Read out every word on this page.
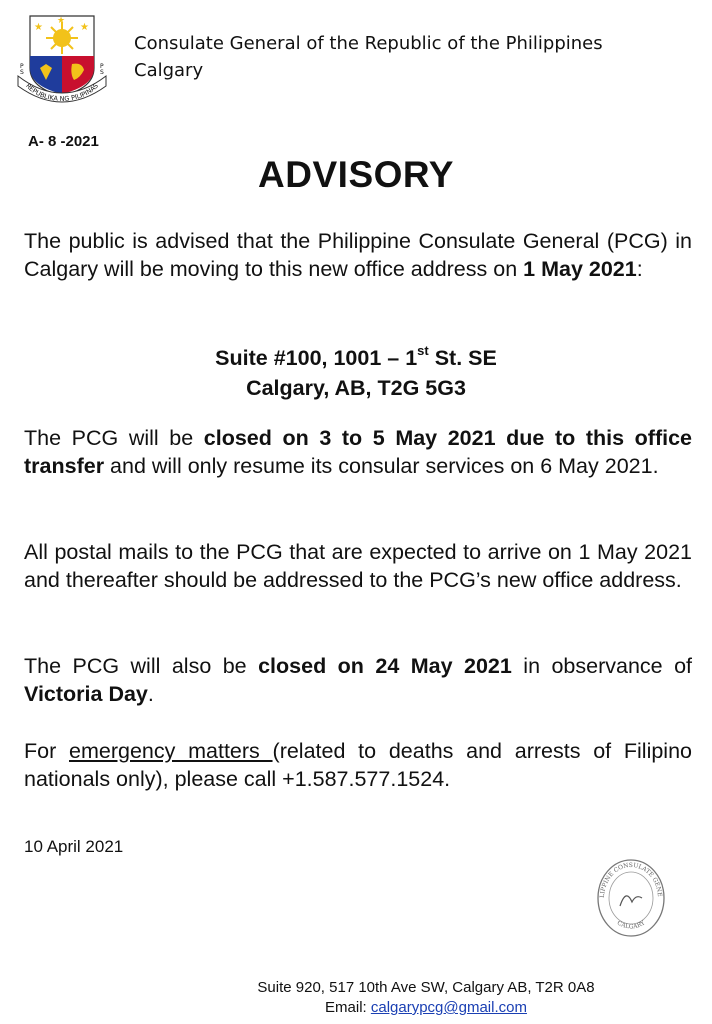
★	★
★
REPUBLIKA NG PILIPINAS
S
P
S
P
Consulate General of the Republic of the Philippines
Calgary
A- 8 -2021
ADVISORY
The public is advised that the Philippine Consulate General (PCG) in Calgary will be moving to this new office address on 1 May 2021:
Suite #100, 1001 – 1st St. SE
Calgary, AB, T2G 5G3
The PCG will be closed on 3 to 5 May 2021 due to this office transfer and will only resume its consular services on 6 May 2021.
All postal mails to the PCG that are expected to arrive on 1 May 2021 and thereafter should be addressed to the PCG’s new office address.
The PCG will also be closed on 24 May 2021 in observance of Victoria Day.
For emergency matters (related to deaths and arrests of Filipino nationals only), please call +1.587.577.1524.
10 April 2021
LIPPINE CONSULATE GENE
CALGARY
Suite 920, 517 10th Ave SW, Calgary AB, T2R 0A8
Email: calgarypcg@gmail.com
